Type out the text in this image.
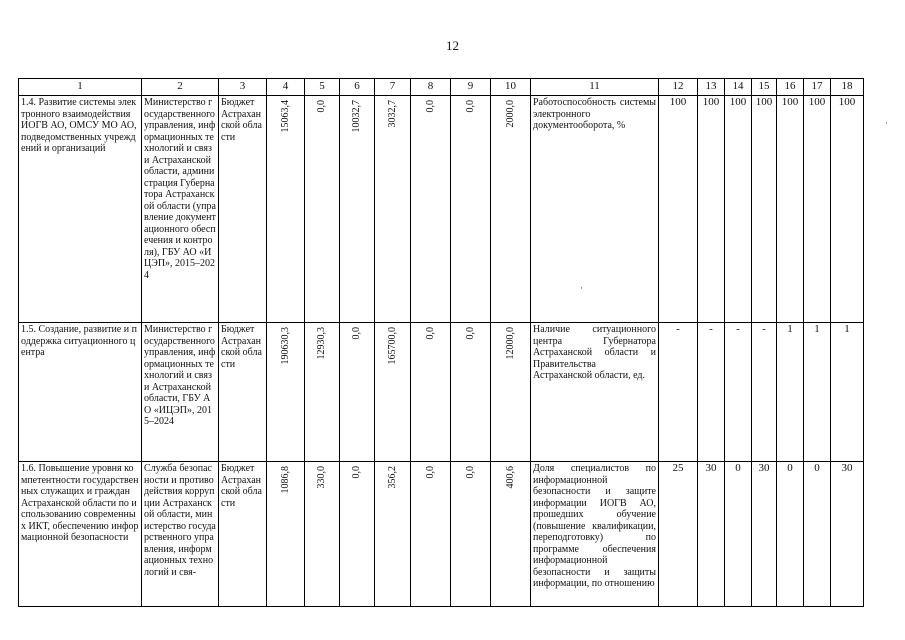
12
1	2	3	4	5	6	7	8	9	10	11	12	13	14	15	16	17	18
1.4. Развитие системы электронного взаимодействия ИОГВ АО, ОМСУ МО АО, подведомственных учреждений и организаций	Министерство государственного управления, информационных технологий и связи Астраханской области, администрация Губернатора Астраханской области (управление документационного обеспечения и контроля), ГБУ АО «ИЦЭП», 2015–2024	Бюджет Астраханской области	15063,4	0,0	10032,7	3032,7	0,0	0,0	2000,0	Работоспособность системы электронного документооборота, %	100	100	100	100	100	100	100
1.5. Создание, развитие и поддержка ситуационного центра	Министерство государственного управления, информационных технологий и связи Астраханской области, ГБУ АО «ИЦЭП», 2015–2024	Бюджет Астраханской области	190630,3	12930,3	0,0	165700,0	0,0	0,0	12000,0	Наличие ситуационного центра Губернатора Астраханской области и Правительства Астраханской области, ед.	-	-	-	-	1	1	1
1.6. Повышение уровня компетентности государственных служащих и граждан Астраханской области по использованию современных ИКТ, обеспечению информационной безопасности	Служба безопасности и противодействия коррупции Астраханской области, министерство государственного управления, информационных технологий и свя-	Бюджет Астраханской области	1086,8	330,0	0,0	356,2	0,0	0,0	400,6	Доля специалистов по информационной безопасности и защите информации ИОГВ АО, прошедших обучение (повышение квалификации, переподготовку) по программе обеспечения информационной безопасности и защиты информации, по отношению	25	30	0	30	0	0	30
·
·
